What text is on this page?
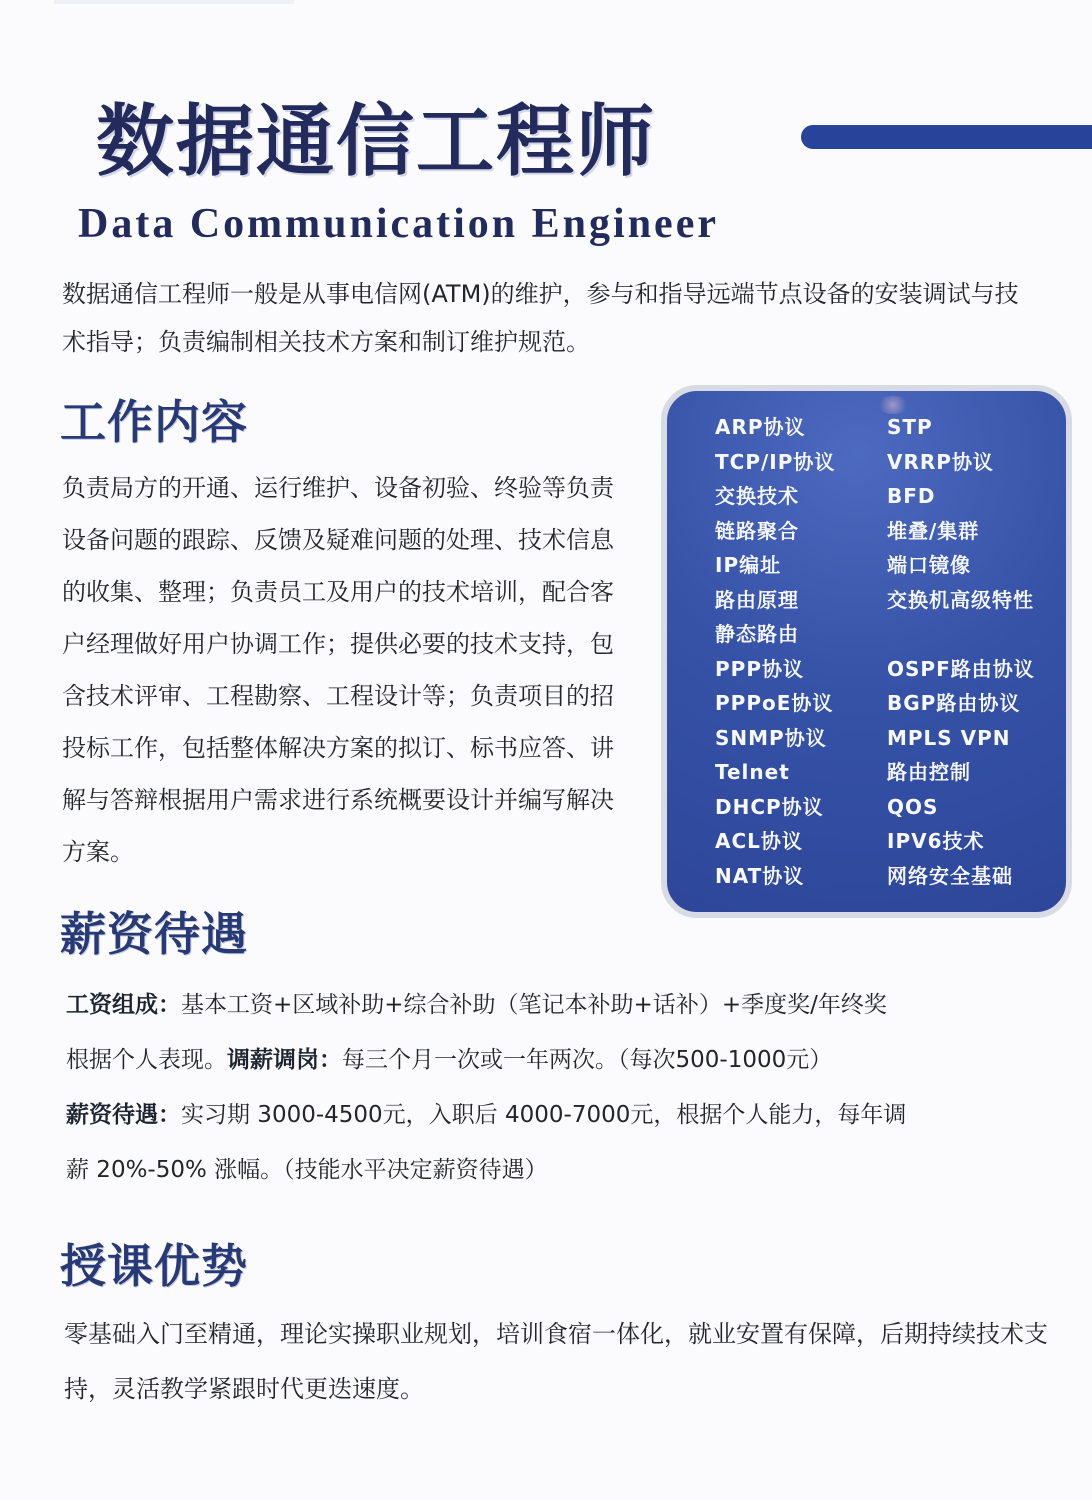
数据通信工程师
Data Communication Engineer

数据通信工程师一般是从事电信网(ATM)的维护，参与和指导远端节点设备的安装调试与技术指导；负责编制相关技术方案和制订维护规范。

工作内容

负责局方的开通、运行维护、设备初验、终验等负责设备问题的跟踪、反馈及疑难问题的处理、技术信息的收集、整理；负责员工及用户的技术培训，配合客户经理做好用户协调工作；提供必要的技术支持，包含技术评审、工程勘察、工程设计等；负责项目的招投标工作，包括整体解决方案的拟订、标书应答、讲解与答辩根据用户需求进行系统概要设计并编写解决方案。

ARP协议
TCP/IP协议
交换技术
链路聚合
IP编址
路由原理
静态路由
PPP协议
PPPoE协议
SNMP协议
Telnet
DHCP协议
ACL协议
NAT协议
STP
VRRP协议
BFD
堆叠/集群
端口镜像
交换机高级特性
OSPF路由协议
BGP路由协议
MPLS VPN
路由控制
QOS
IPV6技术
网络安全基础
薪资待遇

工资组成：基本工资+区域补助+综合补助（笔记本补助+话补）+季度奖/年终奖

根据个人表现。调薪调岗：每三个月一次或一年两次。（每次500-1000元）

薪资待遇：实习期 3000-4500元，入职后 4000-7000元，根据个人能力，每年调

薪 20%-50% 涨幅。（技能水平决定薪资待遇）

授课优势

零基础入门至精通，理论实操职业规划，培训食宿一体化，就业安置有保障，后期持续技术支持，灵活教学紧跟时代更迭速度。
